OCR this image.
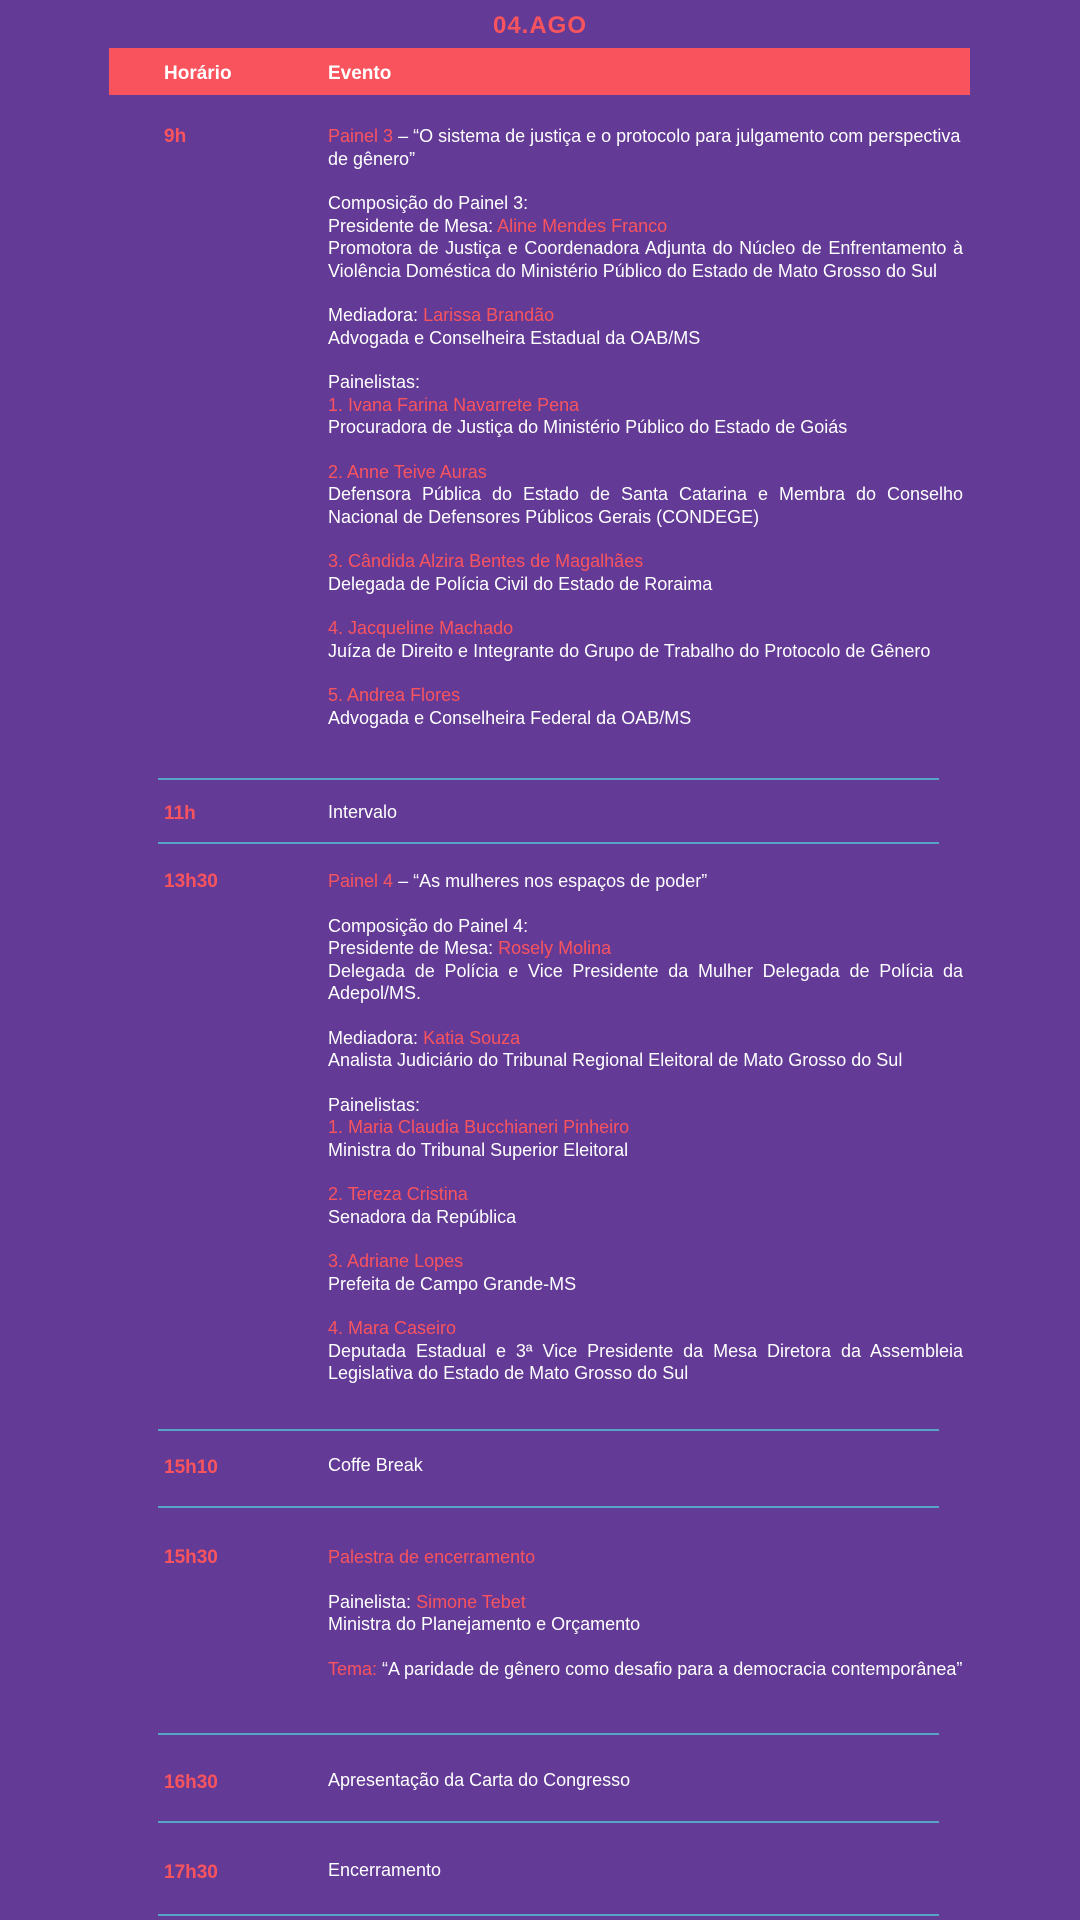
04.AGO
Horário	Evento
9h	Painel 3 – “O sistema de justiça e o protocolo para julgamento com perspectiva de gênero”
Composição do Painel 3:
Presidente de Mesa: Aline Mendes Franco
Promotora de Justiça e Coordenadora Adjunta do Núcleo de Enfrentamento à Violência Doméstica do Ministério Público do Estado de Mato Grosso do Sul
Mediadora: Larissa Brandão
Advogada e Conselheira Estadual da OAB/MS
Painelistas:
1. Ivana Farina Navarrete Pena
Procuradora de Justiça do Ministério Público do Estado de Goiás
2. Anne Teive Auras
Defensora Pública do Estado de Santa Catarina e Membra do Conselho Nacional de Defensores Públicos Gerais (CONDEGE)
3. Cândida Alzira Bentes de Magalhães
Delegada de Polícia Civil do Estado de Roraima
4. Jacqueline Machado
Juíza de Direito e Integrante do Grupo de Trabalho do Protocolo de Gênero
5. Andrea Flores
Advogada e Conselheira Federal da OAB/MS
11h	Intervalo
13h30	Painel 4 – “As mulheres nos espaços de poder”
Composição do Painel 4:
Presidente de Mesa: Rosely Molina
Delegada de Polícia e Vice Presidente da Mulher Delegada de Polícia da Adepol/MS.
Mediadora: Katia Souza
Analista Judiciário do Tribunal Regional Eleitoral de Mato Grosso do Sul
Painelistas:
1. Maria Claudia Bucchianeri Pinheiro
Ministra do Tribunal Superior Eleitoral
2. Tereza Cristina
Senadora da República
3. Adriane Lopes
Prefeita de Campo Grande-MS
4. Mara Caseiro
Deputada Estadual e 3ª Vice Presidente da Mesa Diretora da Assembleia Legislativa do Estado de Mato Grosso do Sul
15h10	Coffe Break
15h30	Palestra de encerramento
Painelista: Simone Tebet
Ministra do Planejamento e Orçamento
Tema: “A paridade de gênero como desafio para a democracia contemporânea”
16h30	Apresentação da Carta do Congresso
17h30	Encerramento
